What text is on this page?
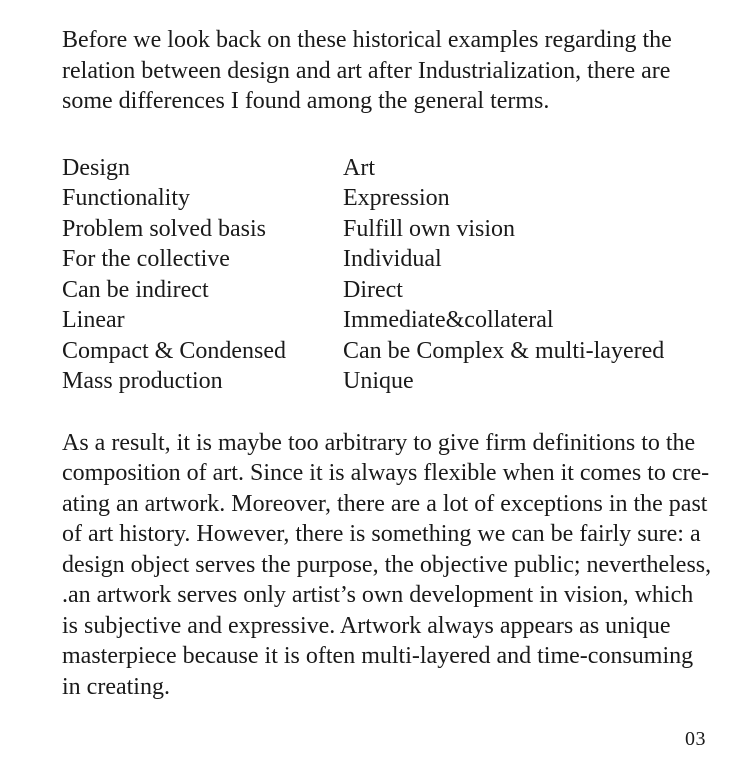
Before we look back on these historical examples regarding the
relation between design and art after Industrialization, there are
some differences I found among the general terms.
Design	Art
Functionality	Expression
Problem solved basis	Fulfill own vision
For the collective	Individual
Can be indirect	Direct
Linear	Immediate&collateral
Compact & Condensed	Can be Complex & multi-layered
Mass production	Unique
As a result, it is maybe too arbitrary to give firm definitions to the
composition of art. Since it is always flexible when it comes to cre-
ating an artwork. Moreover, there are a lot of exceptions in the past
of art history. However, there is something we can be fairly sure: a
design object serves the purpose, the objective public; nevertheless,
.an artwork serves only artist’s own development in vision, which
is subjective and expressive. Artwork always appears as unique
masterpiece because it is often multi-layered and time-consuming
in creating.
03
